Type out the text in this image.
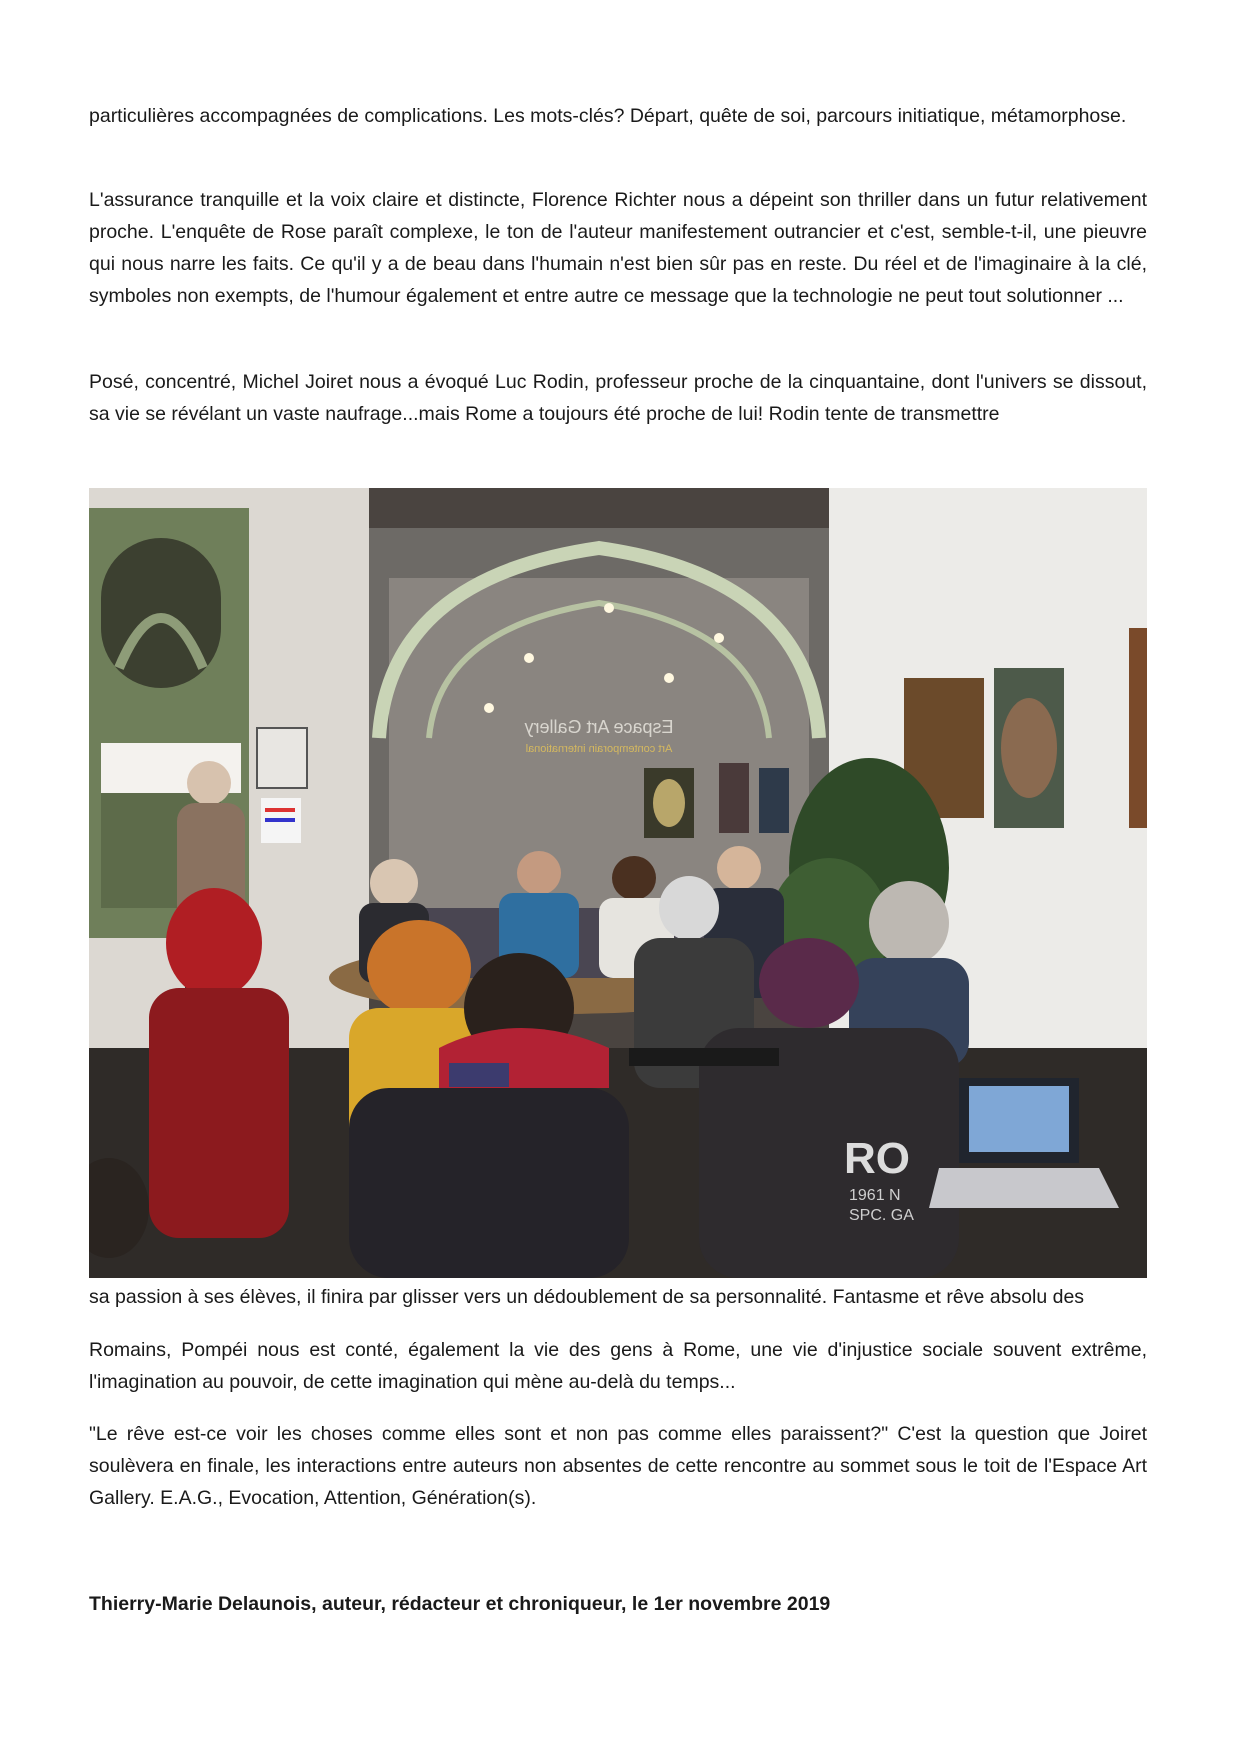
particulières accompagnées de complications. Les mots-clés? Départ, quête de soi, parcours initiatique, métamorphose.

L'assurance tranquille et la voix claire et distincte, Florence Richter nous a dépeint son thriller dans un futur relativement proche. L'enquête de Rose paraît complexe, le ton de l'auteur manifestement outrancier et c'est, semble-t-il, une pieuvre qui nous narre les faits. Ce qu'il y a de beau dans l'humain n'est bien sûr pas en reste. Du réel et de l'imaginaire à la clé, symboles non exempts, de l'humour également et entre autre ce message que la technologie ne peut tout solutionner ...

Posé, concentré, Michel Joiret nous a évoqué Luc Rodin, professeur proche de la cinquantaine, dont l'univers se dissout, sa vie se révélant un vaste naufrage...mais Rome a toujours été proche de lui! Rodin tente de transmettre

Espace Art Gallery
Art contemporain international
RO
1961 N
SPC. GA

sa passion à ses élèves, il finira par glisser vers un dédoublement de sa personnalité. Fantasme et rêve absolu des

Romains, Pompéi nous est conté, également la vie des gens à Rome, une vie d'injustice sociale souvent extrême, l'imagination au pouvoir, de cette imagination qui mène au-delà du temps...

"Le rêve est-ce voir les choses comme elles sont et non pas comme elles paraissent?" C'est la question que Joiret soulèvera en finale, les interactions entre auteurs non absentes de cette rencontre au sommet sous le toit de l'Espace Art Gallery. E.A.G., Evocation, Attention, Génération(s).

Thierry-Marie Delaunois, auteur, rédacteur et chroniqueur, le 1er novembre 2019
